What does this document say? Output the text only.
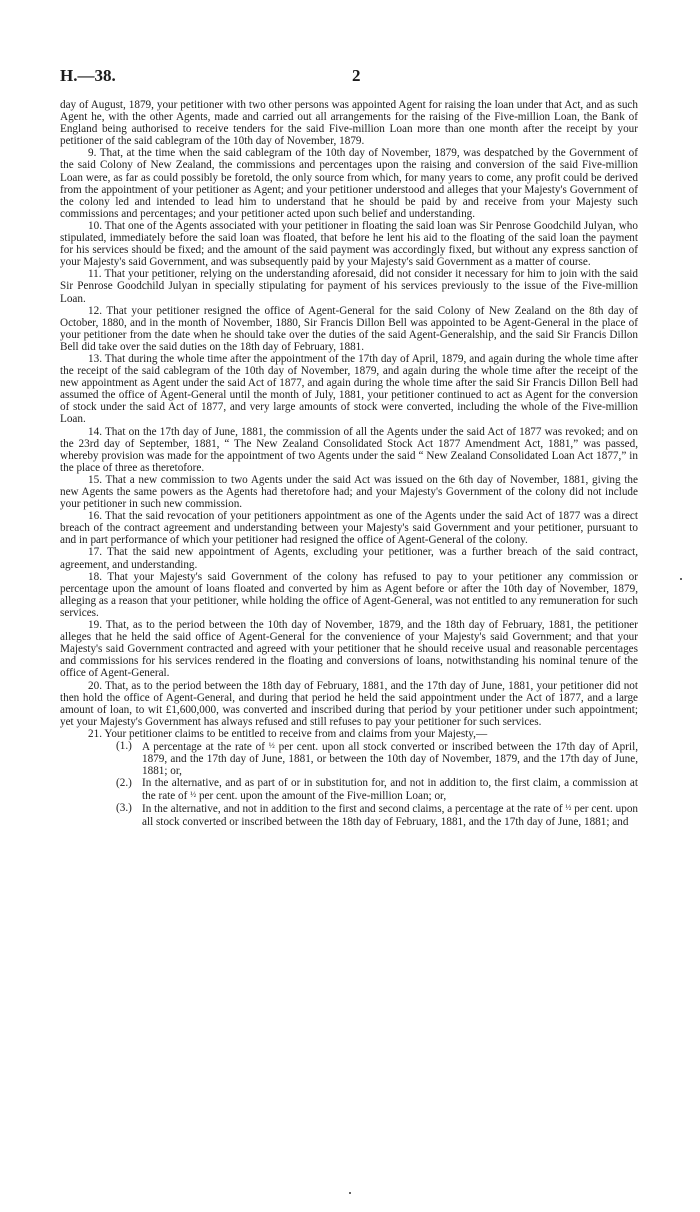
H.—38.	2

day of August, 1879, your petitioner with two other persons was appointed Agent for raising the loan under that Act, and as such Agent he, with the other Agents, made and carried out all arrangements for the raising of the Five-million Loan, the Bank of England being authorised to receive tenders for the said Five-million Loan more than one month after the receipt by your petitioner of the said cablegram of the 10th day of November, 1879.

9. That, at the time when the said cablegram of the 10th day of November, 1879, was despatched by the Government of the said Colony of New Zealand, the commissions and percentages upon the raising and conversion of the said Five-million Loan were, as far as could possibly be foretold, the only source from which, for many years to come, any profit could be derived from the appointment of your petitioner as Agent; and your petitioner understood and alleges that your Majesty's Government of the colony led and intended to lead him to understand that he should be paid by and receive from your Majesty such commissions and percentages; and your petitioner acted upon such belief and understanding.

10. That one of the Agents associated with your petitioner in floating the said loan was Sir Penrose Goodchild Julyan, who stipulated, immediately before the said loan was floated, that before he lent his aid to the floating of the said loan the payment for his services should be fixed; and the amount of the said payment was accordingly fixed, but without any express sanction of your Majesty's said Government, and was subsequently paid by your Majesty's said Government as a matter of course.

11. That your petitioner, relying on the understanding aforesaid, did not consider it necessary for him to join with the said Sir Penrose Goodchild Julyan in specially stipulating for payment of his services previously to the issue of the Five-million Loan.

12. That your petitioner resigned the office of Agent-General for the said Colony of New Zealand on the 8th day of October, 1880, and in the month of November, 1880, Sir Francis Dillon Bell was appointed to be Agent-General in the place of your petitioner from the date when he should take over the duties of the said Agent-Generalship, and the said Sir Francis Dillon Bell did take over the said duties on the 18th day of February, 1881.

13. That during the whole time after the appointment of the 17th day of April, 1879, and again during the whole time after the receipt of the said cablegram of the 10th day of November, 1879, and again during the whole time after the receipt of the new appointment as Agent under the said Act of 1877, and again during the whole time after the said Sir Francis Dillon Bell had assumed the office of Agent-General until the month of July, 1881, your petitioner continued to act as Agent for the conversion of stock under the said Act of 1877, and very large amounts of stock were converted, including the whole of the Five-million Loan.

14. That on the 17th day of June, 1881, the commission of all the Agents under the said Act of 1877 was revoked; and on the 23rd day of September, 1881, “ The New Zealand Consolidated Stock Act 1877 Amendment Act, 1881,” was passed, whereby provision was made for the appointment of two Agents under the said “ New Zealand Consolidated Loan Act 1877,” in the place of three as theretofore.

15. That a new commission to two Agents under the said Act was issued on the 6th day of November, 1881, giving the new Agents the same powers as the Agents had theretofore had; and your Majesty's Government of the colony did not include your petitioner in such new commission.

16. That the said revocation of your petitioners appointment as one of the Agents under the said Act of 1877 was a direct breach of the contract agreement and understanding between your Majesty's said Government and your petitioner, pursuant to and in part performance of which your petitioner had resigned the office of Agent-General of the colony.

17. That the said new appointment of Agents, excluding your petitioner, was a further breach of the said contract, agreement, and understanding.

18. That your Majesty's said Government of the colony has refused to pay to your petitioner any commission or percentage upon the amount of loans floated and converted by him as Agent before or after the 10th day of November, 1879, alleging as a reason that your petitioner, while holding the office of Agent-General, was not entitled to any remuneration for such services.

19. That, as to the period between the 10th day of November, 1879, and the 18th day of February, 1881, the petitioner alleges that he held the said office of Agent-General for the convenience of your Majesty's said Government; and that your Majesty's said Government contracted and agreed with your petitioner that he should receive usual and reasonable percentages and commissions for his services rendered in the floating and conversions of loans, notwithstanding his nominal tenure of the office of Agent-General.

20. That, as to the period between the 18th day of February, 1881, and the 17th day of June, 1881, your petitioner did not then hold the office of Agent-General, and during that period he held the said appointment under the Act of 1877, and a large amount of loan, to wit £1,600,000, was converted and inscribed during that period by your petitioner under such appointment; yet your Majesty's Government has always refused and still refuses to pay your petitioner for such services.

21. Your petitioner claims to be entitled to receive from and claims from your Majesty,—

(1.) A percentage at the rate of ½ per cent. upon all stock converted or inscribed between the 17th day of April, 1879, and the 17th day of June, 1881, or between the 10th day of November, 1879, and the 17th day of June, 1881; or,

(2.) In the alternative, and as part of or in substitution for, and not in addition to, the first claim, a commission at the rate of ½ per cent. upon the amount of the Five-million Loan; or,

(3.) In the alternative, and not in addition to the first and second claims, a percentage at the rate of ½ per cent. upon all stock converted or inscribed between the 18th day of February, 1881, and the 17th day of June, 1881; and
